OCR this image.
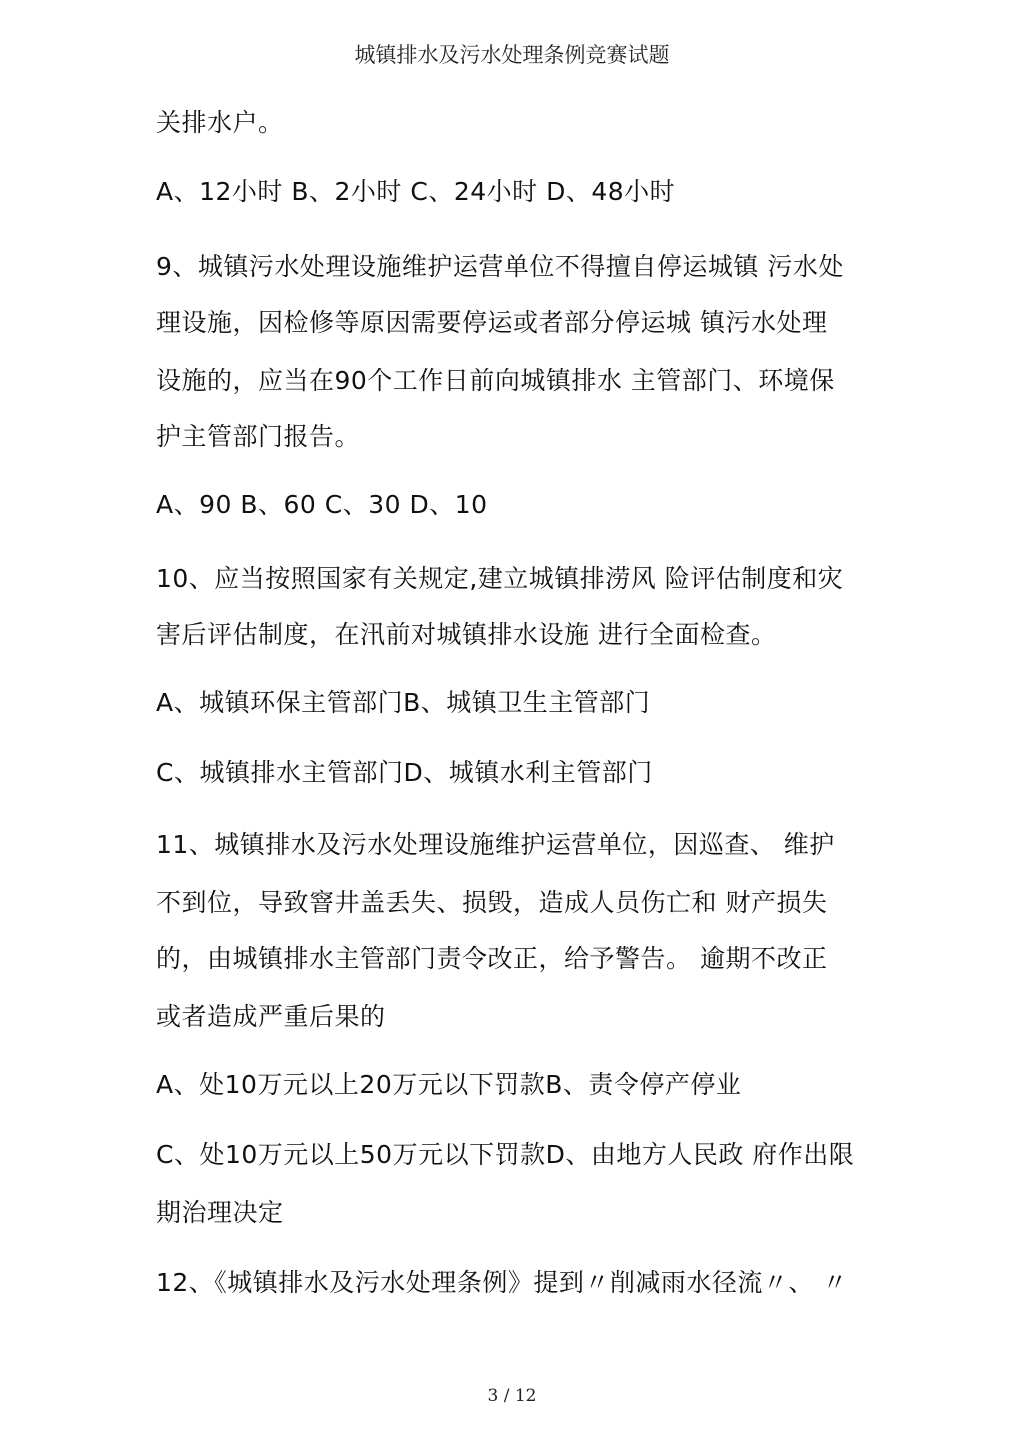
城镇排水及污水处理条例竞赛试题
关排水户。
A、12小时 B、2小时 C、24小时 D、48小时
9、城镇污水处理设施维护运营单位不得擅自停运城镇 污水处
理设施，因检修等原因需要停运或者部分停运城 镇污水处理
设施的，应当在90个工作日前向城镇排水 主管部门、环境保
护主管部门报告。
A、90 B、60 C、30 D、10
10、应当按照国家有关规定,建立城镇排涝风 险评估制度和灾
害后评估制度，在汛前对城镇排水设施 进行全面检查。
A、城镇环保主管部门B、城镇卫生主管部门
C、城镇排水主管部门D、城镇水利主管部门
11、城镇排水及污水处理设施维护运营单位，因巡查、 维护
不到位，导致窨井盖丢失、损毁，造成人员伤亡和 财产损失
的，由城镇排水主管部门责令改正，给予警告。 逾期不改正
或者造成严重后果的
A、处10万元以上20万元以下罚款B、责令停产停业
C、处10万元以上50万元以下罚款D、由地方人民政 府作出限
期治理决定
12、《城镇排水及污水处理条例》提到〃削减雨水径流〃、 〃
3 / 12
